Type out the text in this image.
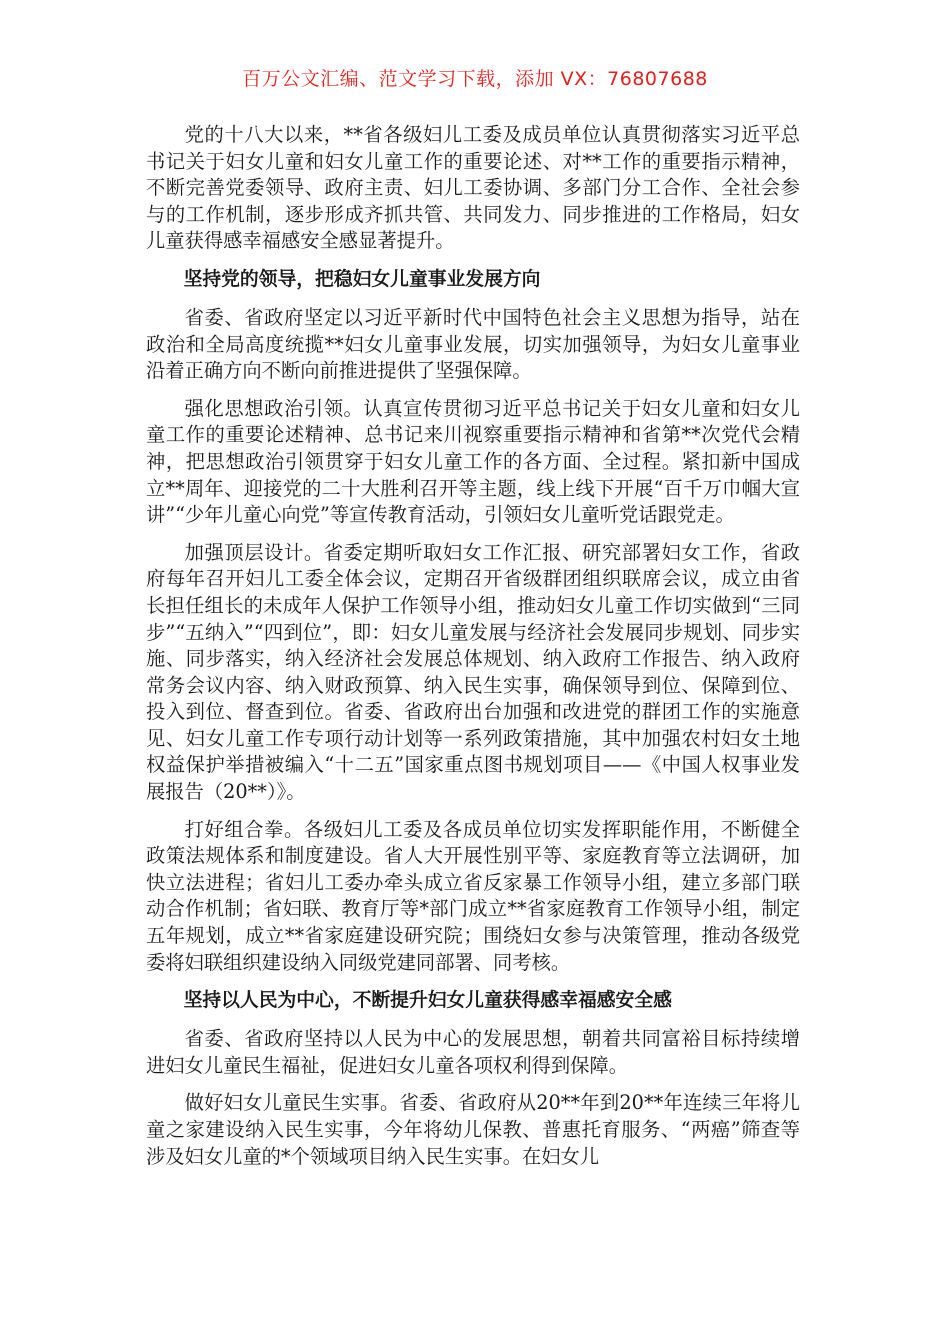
百万公文汇编、范文学习下载，添加 VX：76807688

党的十八大以来，**省各级妇儿工委及成员单位认真贯彻落实习近平总书记关于妇女儿童和妇女儿童工作的重要论述、对**工作的重要指示精神，不断完善党委领导、政府主责、妇儿工委协调、多部门分工合作、全社会参与的工作机制，逐步形成齐抓共管、共同发力、同步推进的工作格局，妇女儿童获得感幸福感安全感显著提升。

坚持党的领导，把稳妇女儿童事业发展方向

省委、省政府坚定以习近平新时代中国特色社会主义思想为指导，站在政治和全局高度统揽**妇女儿童事业发展，切实加强领导，为妇女儿童事业沿着正确方向不断向前推进提供了坚强保障。

强化思想政治引领。认真宣传贯彻习近平总书记关于妇女儿童和妇女儿童工作的重要论述精神、总书记来川视察重要指示精神和省第**次党代会精神，把思想政治引领贯穿于妇女儿童工作的各方面、全过程。紧扣新中国成立**周年、迎接党的二十大胜利召开等主题，线上线下开展“百千万巾帼大宣讲”“少年儿童心向党”等宣传教育活动，引领妇女儿童听党话跟党走。

加强顶层设计。省委定期听取妇女工作汇报、研究部署妇女工作，省政府每年召开妇儿工委全体会议，定期召开省级群团组织联席会议，成立由省长担任组长的未成年人保护工作领导小组，推动妇女儿童工作切实做到“三同步”“五纳入”“四到位”，即：妇女儿童发展与经济社会发展同步规划、同步实施、同步落实，纳入经济社会发展总体规划、纳入政府工作报告、纳入政府常务会议内容、纳入财政预算、纳入民生实事，确保领导到位、保障到位、投入到位、督查到位。省委、省政府出台加强和改进党的群团工作的实施意见、妇女儿童工作专项行动计划等一系列政策措施，其中加强农村妇女土地权益保护举措被编入“十二五”国家重点图书规划项目——《中国人权事业发展报告（20**）》。

打好组合拳。各级妇儿工委及各成员单位切实发挥职能作用，不断健全政策法规体系和制度建设。省人大开展性别平等、家庭教育等立法调研，加快立法进程；省妇儿工委办牵头成立省反家暴工作领导小组，建立多部门联动合作机制；省妇联、教育厅等*部门成立**省家庭教育工作领导小组，制定五年规划，成立**省家庭建设研究院；围绕妇女参与决策管理，推动各级党委将妇联组织建设纳入同级党建同部署、同考核。

坚持以人民为中心，不断提升妇女儿童获得感幸福感安全感

省委、省政府坚持以人民为中心的发展思想，朝着共同富裕目标持续增进妇女儿童民生福祉，促进妇女儿童各项权利得到保障。

做好妇女儿童民生实事。省委、省政府从20**年到20**年连续三年将儿童之家建设纳入民生实事，今年将幼儿保教、普惠托育服务、“两癌”筛查等涉及妇女儿童的*个领域项目纳入民生实事。在妇女儿
